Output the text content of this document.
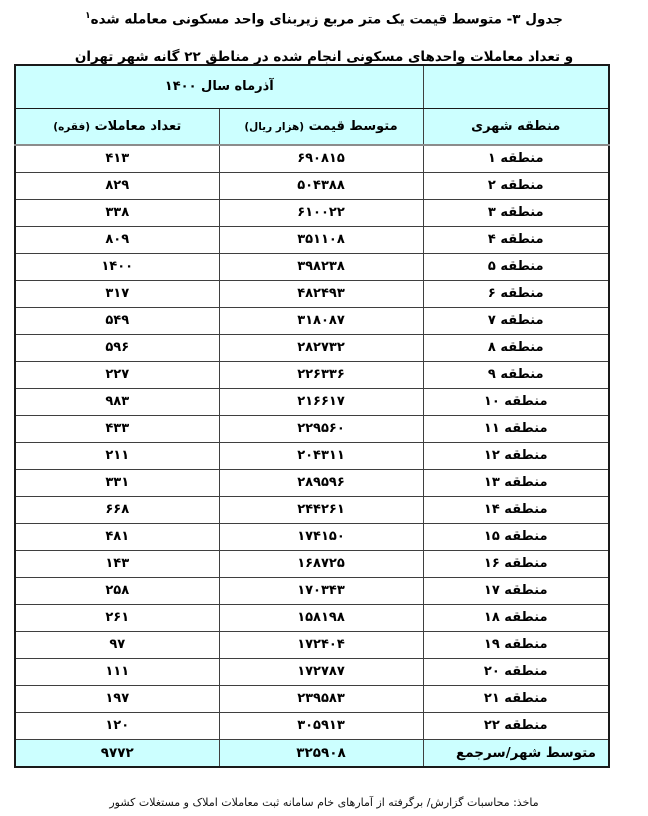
جدول ۳- متوسط قیمت یک متر مربع زیربنای واحد مسکونی معامله شده$^۱$
و تعداد معاملات واحدهای مسکونی انجام شده در مناطق ۲۲ گانه شهر تهران
	آذرماه سال ۱۴۰۰	
منطقه شهری	متوسط قیمت (هزار ریال)	تعداد معاملات (فقره)
منطقه ۱	۶۹۰۸۱۵	۴۱۳
منطقه ۲	۵۰۴۳۸۸	۸۲۹
منطقه ۳	۶۱۰۰۲۲	۳۳۸
منطقه ۴	۳۵۱۱۰۸	۸۰۹
منطقه ۵	۳۹۸۲۳۸	۱۴۰۰
منطقه ۶	۴۸۲۴۹۳	۳۱۷
منطقه ۷	۳۱۸۰۸۷	۵۴۹
منطقه ۸	۲۸۲۷۳۲	۵۹۶
منطقه ۹	۲۲۶۳۳۶	۲۲۷
منطقه ۱۰	۲۱۶۶۱۷	۹۸۳
منطقه ۱۱	۲۲۹۵۶۰	۴۳۳
منطقه ۱۲	۲۰۴۳۱۱	۲۱۱
منطقه ۱۳	۲۸۹۵۹۶	۳۳۱
منطقه ۱۴	۲۴۴۲۶۱	۶۶۸
منطقه ۱۵	۱۷۴۱۵۰	۴۸۱
منطقه ۱۶	۱۶۸۷۲۵	۱۴۳
منطقه ۱۷	۱۷۰۳۴۳	۲۵۸
منطقه ۱۸	۱۵۸۱۹۸	۲۶۱
منطقه ۱۹	۱۷۲۴۰۴	۹۷
منطقه ۲۰	۱۷۲۷۸۷	۱۱۱
منطقه ۲۱	۲۳۹۵۸۳	۱۹۷
منطقه ۲۲	۳۰۵۹۱۳	۱۲۰
متوسط شهر/سرجمع	۳۲۵۹۰۸	۹۷۷۲
ماخذ: محاسبات گزارش/ برگرفته از آمارهای خام سامانه ثبت معاملات املاک و مستغلات کشور
